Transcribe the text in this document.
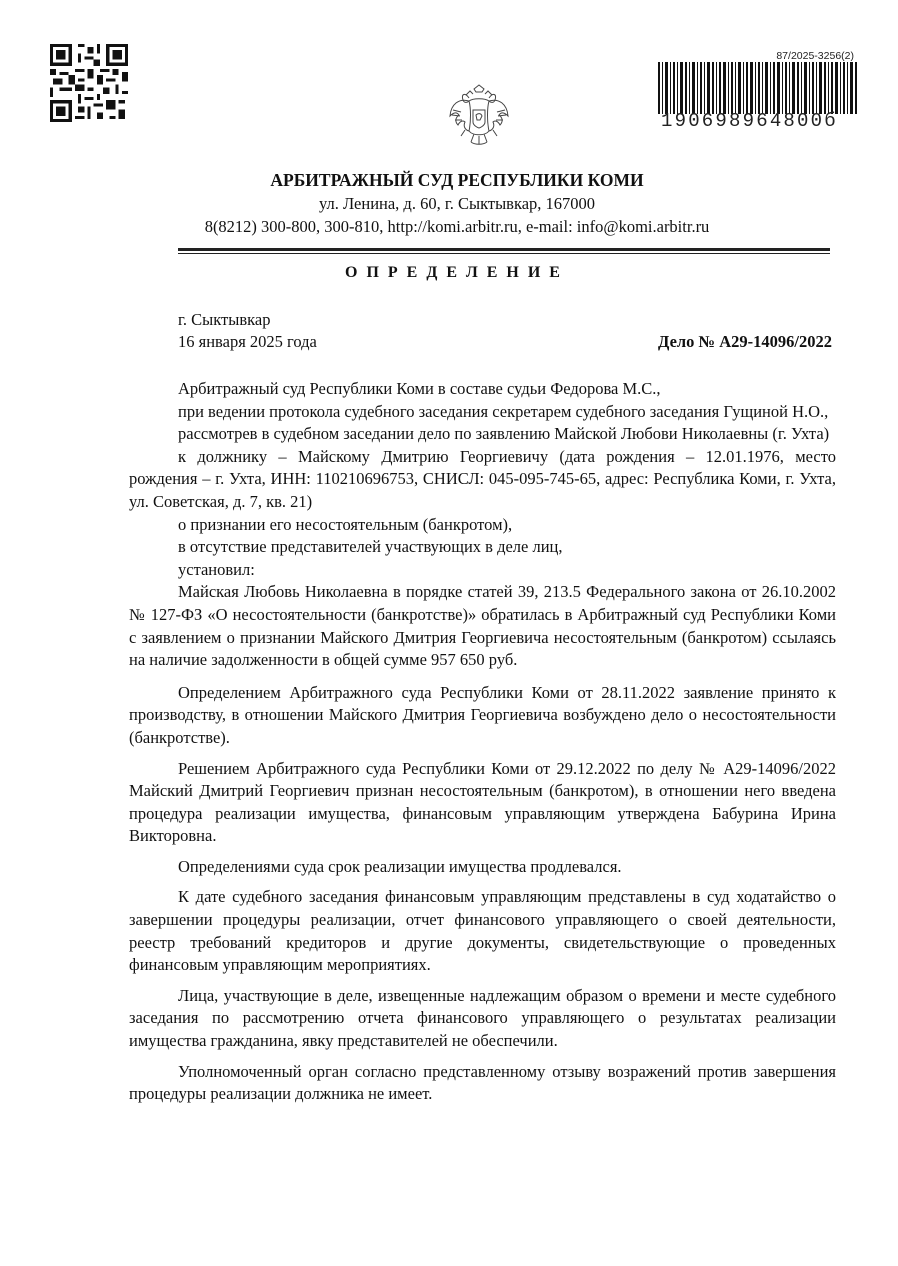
87/2025-3256(2)
190698964800б
АРБИТРАЖНЫЙ СУД РЕСПУБЛИКИ КОМИ
ул. Ленина, д. 60, г. Сыктывкар, 167000
8(8212) 300-800, 300-810, http://komi.arbitr.ru, e-mail: info@komi.arbitr.ru
ОПРЕДЕЛЕНИЕ
г. Сыктывкар
16 января 2025 года	Дело № А29-14096/2022

Арбитражный суд Республики Коми в составе судьи Федорова М.С.,

при ведении протокола судебного заседания секретарем судебного заседания Гущиной Н.О.,

рассмотрев в судебном заседании дело по заявлению Майской Любови Николаевны (г. Ухта)

к должнику – Майскому Дмитрию Георгиевичу (дата рождения – 12.01.1976, место рождения – г. Ухта, ИНН: 110210696753, СНИСЛ: 045-095-745-65, адрес: Республика Коми, г. Ухта, ул. Советская, д. 7, кв. 21)

о признании его несостоятельным (банкротом),

в отсутствие представителей участвующих в деле лиц,

установил:

Майская Любовь Николаевна в порядке статей 39, 213.5 Федерального закона от 26.10.2002 № 127-ФЗ «О несостоятельности (банкротстве)» обратилась в Арбитражный суд Республики Коми с заявлением о признании Майского Дмитрия Георгиевича несостоятельным (банкротом) ссылаясь на наличие задолженности в общей сумме 957 650 руб.

Определением Арбитражного суда Республики Коми от 28.11.2022 заявление принято к производству, в отношении Майского Дмитрия Георгиевича возбуждено дело о несостоятельности (банкротстве).

Решением Арбитражного суда Республики Коми от 29.12.2022 по делу № А29-14096/2022 Майский Дмитрий Георгиевич признан несостоятельным (банкротом), в отношении него введена процедура реализации имущества, финансовым управляющим утверждена Бабурина Ирина Викторовна.

Определениями суда срок реализации имущества продлевался.

К дате судебного заседания финансовым управляющим представлены в суд ходатайство о завершении процедуры реализации, отчет финансового управляющего о своей деятельности, реестр требований кредиторов и другие документы, свидетельствующие о проведенных финансовым управляющим мероприятиях.

Лица, участвующие в деле, извещенные надлежащим образом о времени и месте судебного заседания по рассмотрению отчета финансового управляющего о результатах реализации имущества гражданина, явку представителей не обеспечили.

Уполномоченный орган согласно представленному отзыву возражений против завершения процедуры реализации должника не имеет.
